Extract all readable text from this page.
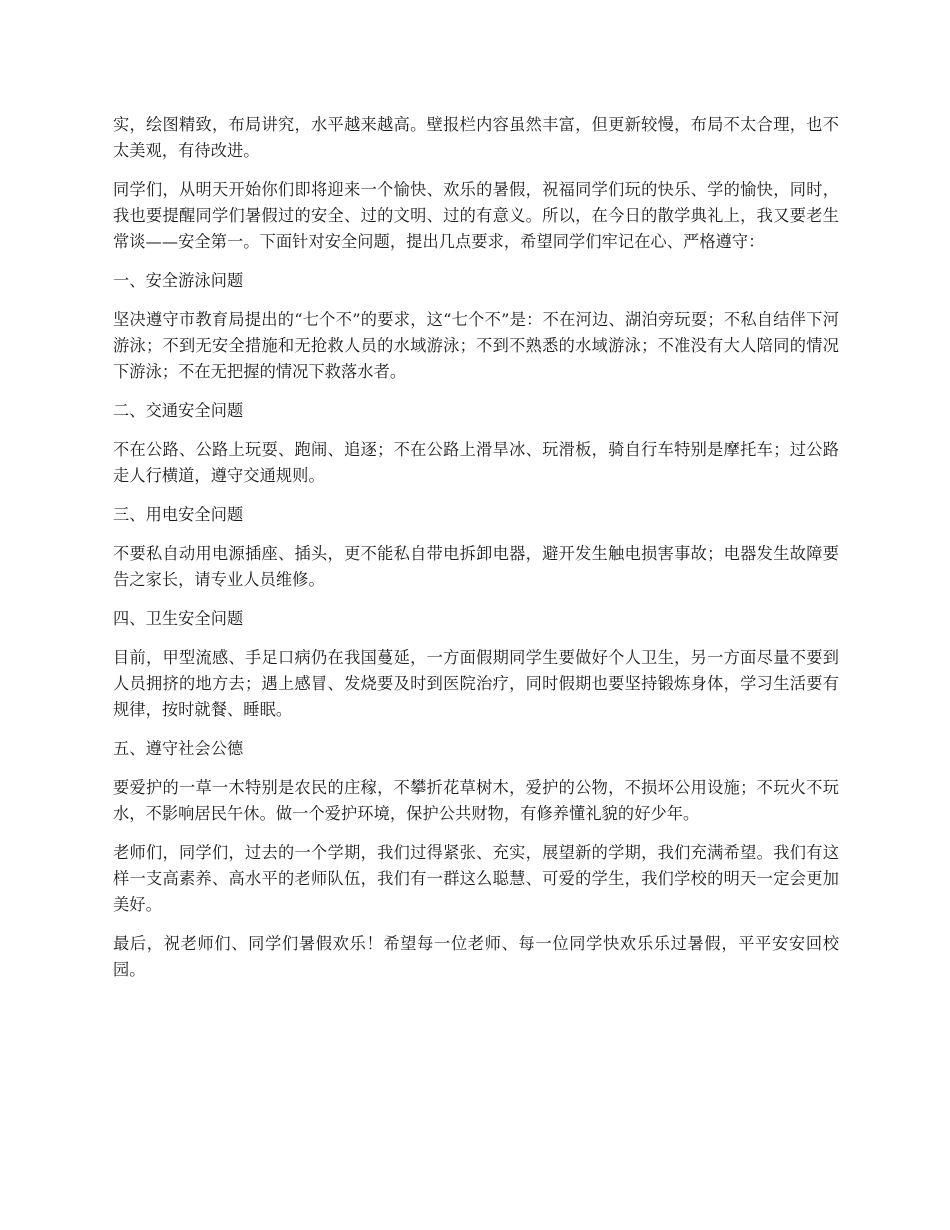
实，绘图精致，布局讲究，水平越来越高。壁报栏内容虽然丰富，但更新较慢，布局不太合理，也不太美观，有待改进。

同学们，从明天开始你们即将迎来一个愉快、欢乐的暑假，祝福同学们玩的快乐、学的愉快，同时，我也要提醒同学们暑假过的安全、过的文明、过的有意义。所以，在今日的散学典礼上，我又要老生常谈——安全第一。下面针对安全问题，提出几点要求，希望同学们牢记在心、严格遵守：

一、安全游泳问题

坚决遵守市教育局提出的“七个不”的要求，这“七个不”是：不在河边、湖泊旁玩耍；不私自结伴下河游泳；不到无安全措施和无抢救人员的水域游泳；不到不熟悉的水域游泳；不准没有大人陪同的情况下游泳；不在无把握的情况下救落水者。

二、交通安全问题

不在公路、公路上玩耍、跑闹、追逐；不在公路上滑旱冰、玩滑板，骑自行车特别是摩托车；过公路走人行横道，遵守交通规则。

三、用电安全问题

不要私自动用电源插座、插头，更不能私自带电拆卸电器，避开发生触电损害事故；电器发生故障要告之家长，请专业人员维修。

四、卫生安全问题

目前，甲型流感、手足口病仍在我国蔓延，一方面假期同学生要做好个人卫生，另一方面尽量不要到人员拥挤的地方去；遇上感冒、发烧要及时到医院治疗，同时假期也要坚持锻炼身体，学习生活要有规律，按时就餐、睡眠。

五、遵守社会公德

要爱护的一草一木特别是农民的庄稼，不攀折花草树木，爱护的公物，不损坏公用设施；不玩火不玩水，不影响居民午休。做一个爱护环境，保护公共财物，有修养懂礼貌的好少年。

老师们，同学们，过去的一个学期，我们过得紧张、充实，展望新的学期，我们充满希望。我们有这样一支高素养、高水平的老师队伍，我们有一群这么聪慧、可爱的学生，我们学校的明天一定会更加美好。

最后，祝老师们、同学们暑假欢乐！希望每一位老师、每一位同学快欢乐乐过暑假，平平安安回校园。
